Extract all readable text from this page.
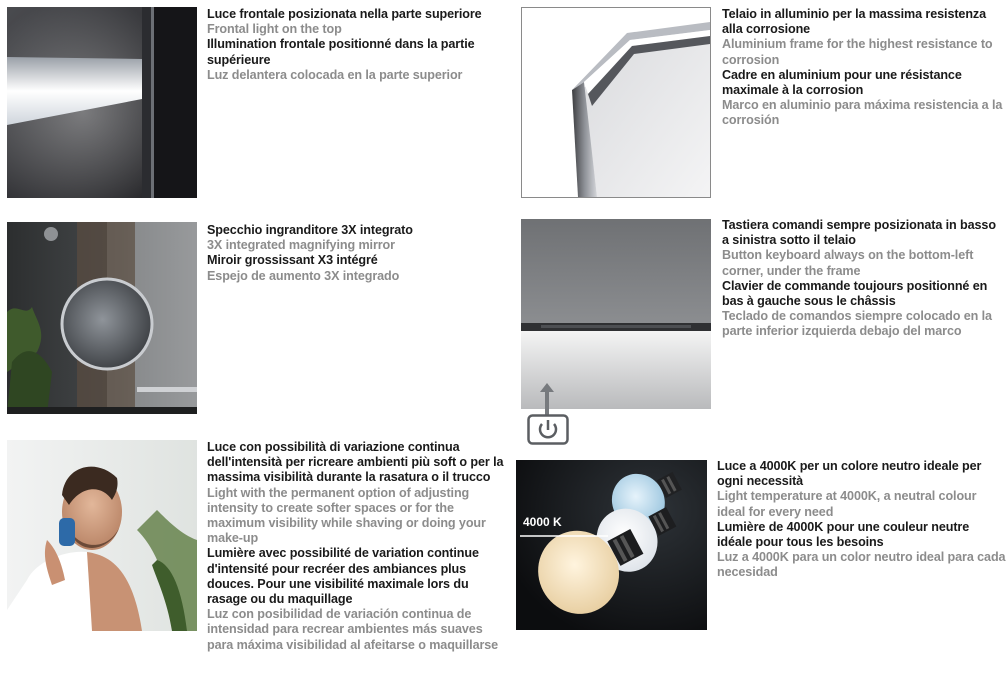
Luce frontale posizionata nella parte superiore

Frontal light on the top

Illumination frontale positionné dans la partie supérieure

Luz delantera colocada en la parte superior

Telaio in alluminio per la massima resistenza alla corrosione

Aluminium frame for the highest resistance to corrosion

Cadre en aluminium pour une résistance maximale à la corrosion

Marco en aluminio para máxima resistencia a la corrosión

Specchio ingranditore 3X integrato

3X integrated magnifying mirror

Miroir grossissant X3 intégré

Espejo de aumento 3X integrado

Tastiera comandi sempre posizionata in basso a sinistra sotto il telaio

Button keyboard always on the bottom-left corner, under the frame

Clavier de commande toujours positionné en bas à gauche sous le châssis

Teclado de comandos siempre colocado en la parte inferior izquierda debajo del marco

Luce con possibilità di variazione continua dell'intensità per ricreare ambienti più soft o per la massima visibilità durante la rasatura o il trucco

Light with the permanent option of adjusting intensity to create softer spaces or for the maximum visibility while shaving or doing your make-up

Lumière avec possibilité de variation continue d'intensité pour recréer des ambiances plus douces. Pour une visibilité maximale lors du rasage ou du maquillage

Luz con posibilidad de variación continua de intensidad para recrear ambientes más suaves para máxima visibilidad al afeitarse o maquillarse

4000 K

Luce a 4000K per un colore neutro ideale per ogni necessità

Light temperature at 4000K, a neutral colour ideal for every need

Lumière de 4000K pour une couleur neutre idéale pour tous les besoins

Luz a 4000K para un color neutro ideal para cada necesidad
